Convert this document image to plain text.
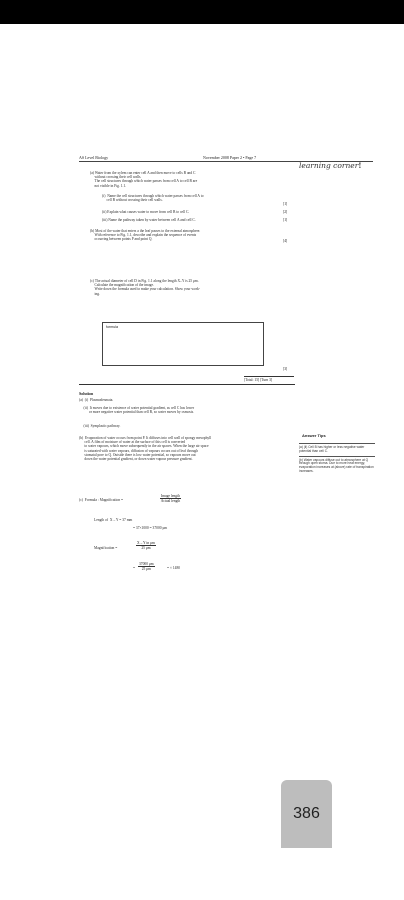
AS Level Biology	November 2008 Paper 2 • Page 7
learning corner!
(a) Water from the xylem can enter cell A and then move to cells B and C
without crossing their cell walls.
The cell structures through which water passes from cell A to cell B are
not visible in Fig. 1.1.
(i)  Name the cell structures through which water passes from cell A to
cell B without crossing their cell walls.
[1]
(ii) Explain what causes water to move from cell B to cell C.	[2]
(iii) Name the pathway taken by water between cell A and cell C.	[1]
(b) Most of the water that enters a the leaf passes to the external atmosphere.
With reference to Fig. 1.1, describe and explain the sequence of events
occurring between points P and point Q.	[4]
(c) The actual diameter of cell D in Fig. 1.1 along the length X–Y is 25 μm.
Calculate the magnification of the image.
Write down the formula used to make your calculation. Show your work-
ing.
formula
[3]
[Total: 15] [Turn 3]
Solution
(a)  (i)  Plasmodesmata.
(ii)  It moves due to existence of water potential gradient, as cell C has lower
or more negative water potential than cell B, so water moves by osmosis.
(iii)  Symplastic pathway.
(b)  Evaporation of water occurs from point P. It diffuses into cell wall of spongy mesophyll
cell. A film of moisture of water at the surface of this cell is converted
to water vapours, which move subsequently in the air spaces. When the large air space
is saturated with water vapours, diffusion of vapours occurs out of leaf through
stomatal pore to Q. Outside there is low water potential, so vapours move out
down the water potential gradient, or down water vapour pressure gradient.
(c)  Formula : Magnification =
Image length
Actual length
Length of  X – Y = 37 mm
= 37×1000 = 37000 μm
Magnification =	$\frac{\text{X – Y in μm}}{25 \mu m}$
= $\frac{37000 \mu m}{25 \mu m}$	= × 1480
Answer Tips
(a) (ii) Cell B has higher or less negative water potential than cell C.
(b) Water vapours diffuse out to atmosphere at Q through open stoma. Due to more heat energy, evaporation increases at (above) rate of transpiration increases.
386
